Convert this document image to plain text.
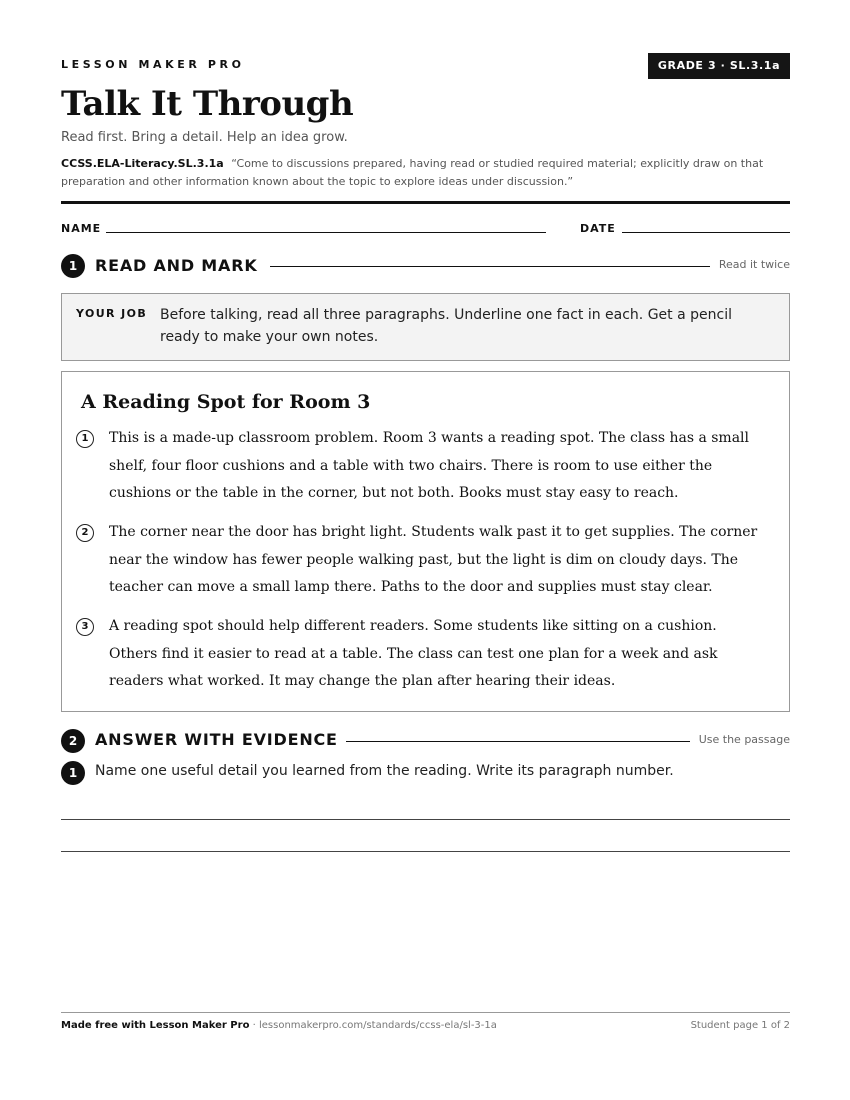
LESSON MAKER PRO	GRADE 3 · SL.3.1a
Talk It Through
Read first. Bring a detail. Help an idea grow.
CCSS.ELA-Literacy.SL.3.1a “Come to discussions prepared, having read or studied required material; explicitly draw on that preparation and other information known about the topic to explore ideas under discussion.”
NAME	DATE
1	READ AND MARK	Read it twice
YOUR JOB Before talking, read all three paragraphs. Underline one fact in each. Get a pencil ready to make your own notes.
A Reading Spot for Room 3
1	This is a made-up classroom problem. Room 3 wants a reading spot. The class has a small shelf, four floor cushions and a table with two chairs. There is room to use either the cushions or the table in the corner, but not both. Books must stay easy to reach.

2	The corner near the door has bright light. Students walk past it to get supplies. The corner near the window has fewer people walking past, but the light is dim on cloudy days. The teacher can move a small lamp there. Paths to the door and supplies must stay clear.

3	A reading spot should help different readers. Some students like sitting on a cushion. Others find it easier to read at a table. The class can test one plan for a week and ask readers what worked. It may change the plan after hearing their ideas.

2	ANSWER WITH EVIDENCE	Use the passage
1	Name one useful detail you learned from the reading. Write its paragraph number.
Made free with Lesson Maker Pro · lessonmakerpro.com/standards/ccss-ela/sl-3-1a	Student page 1 of 2
